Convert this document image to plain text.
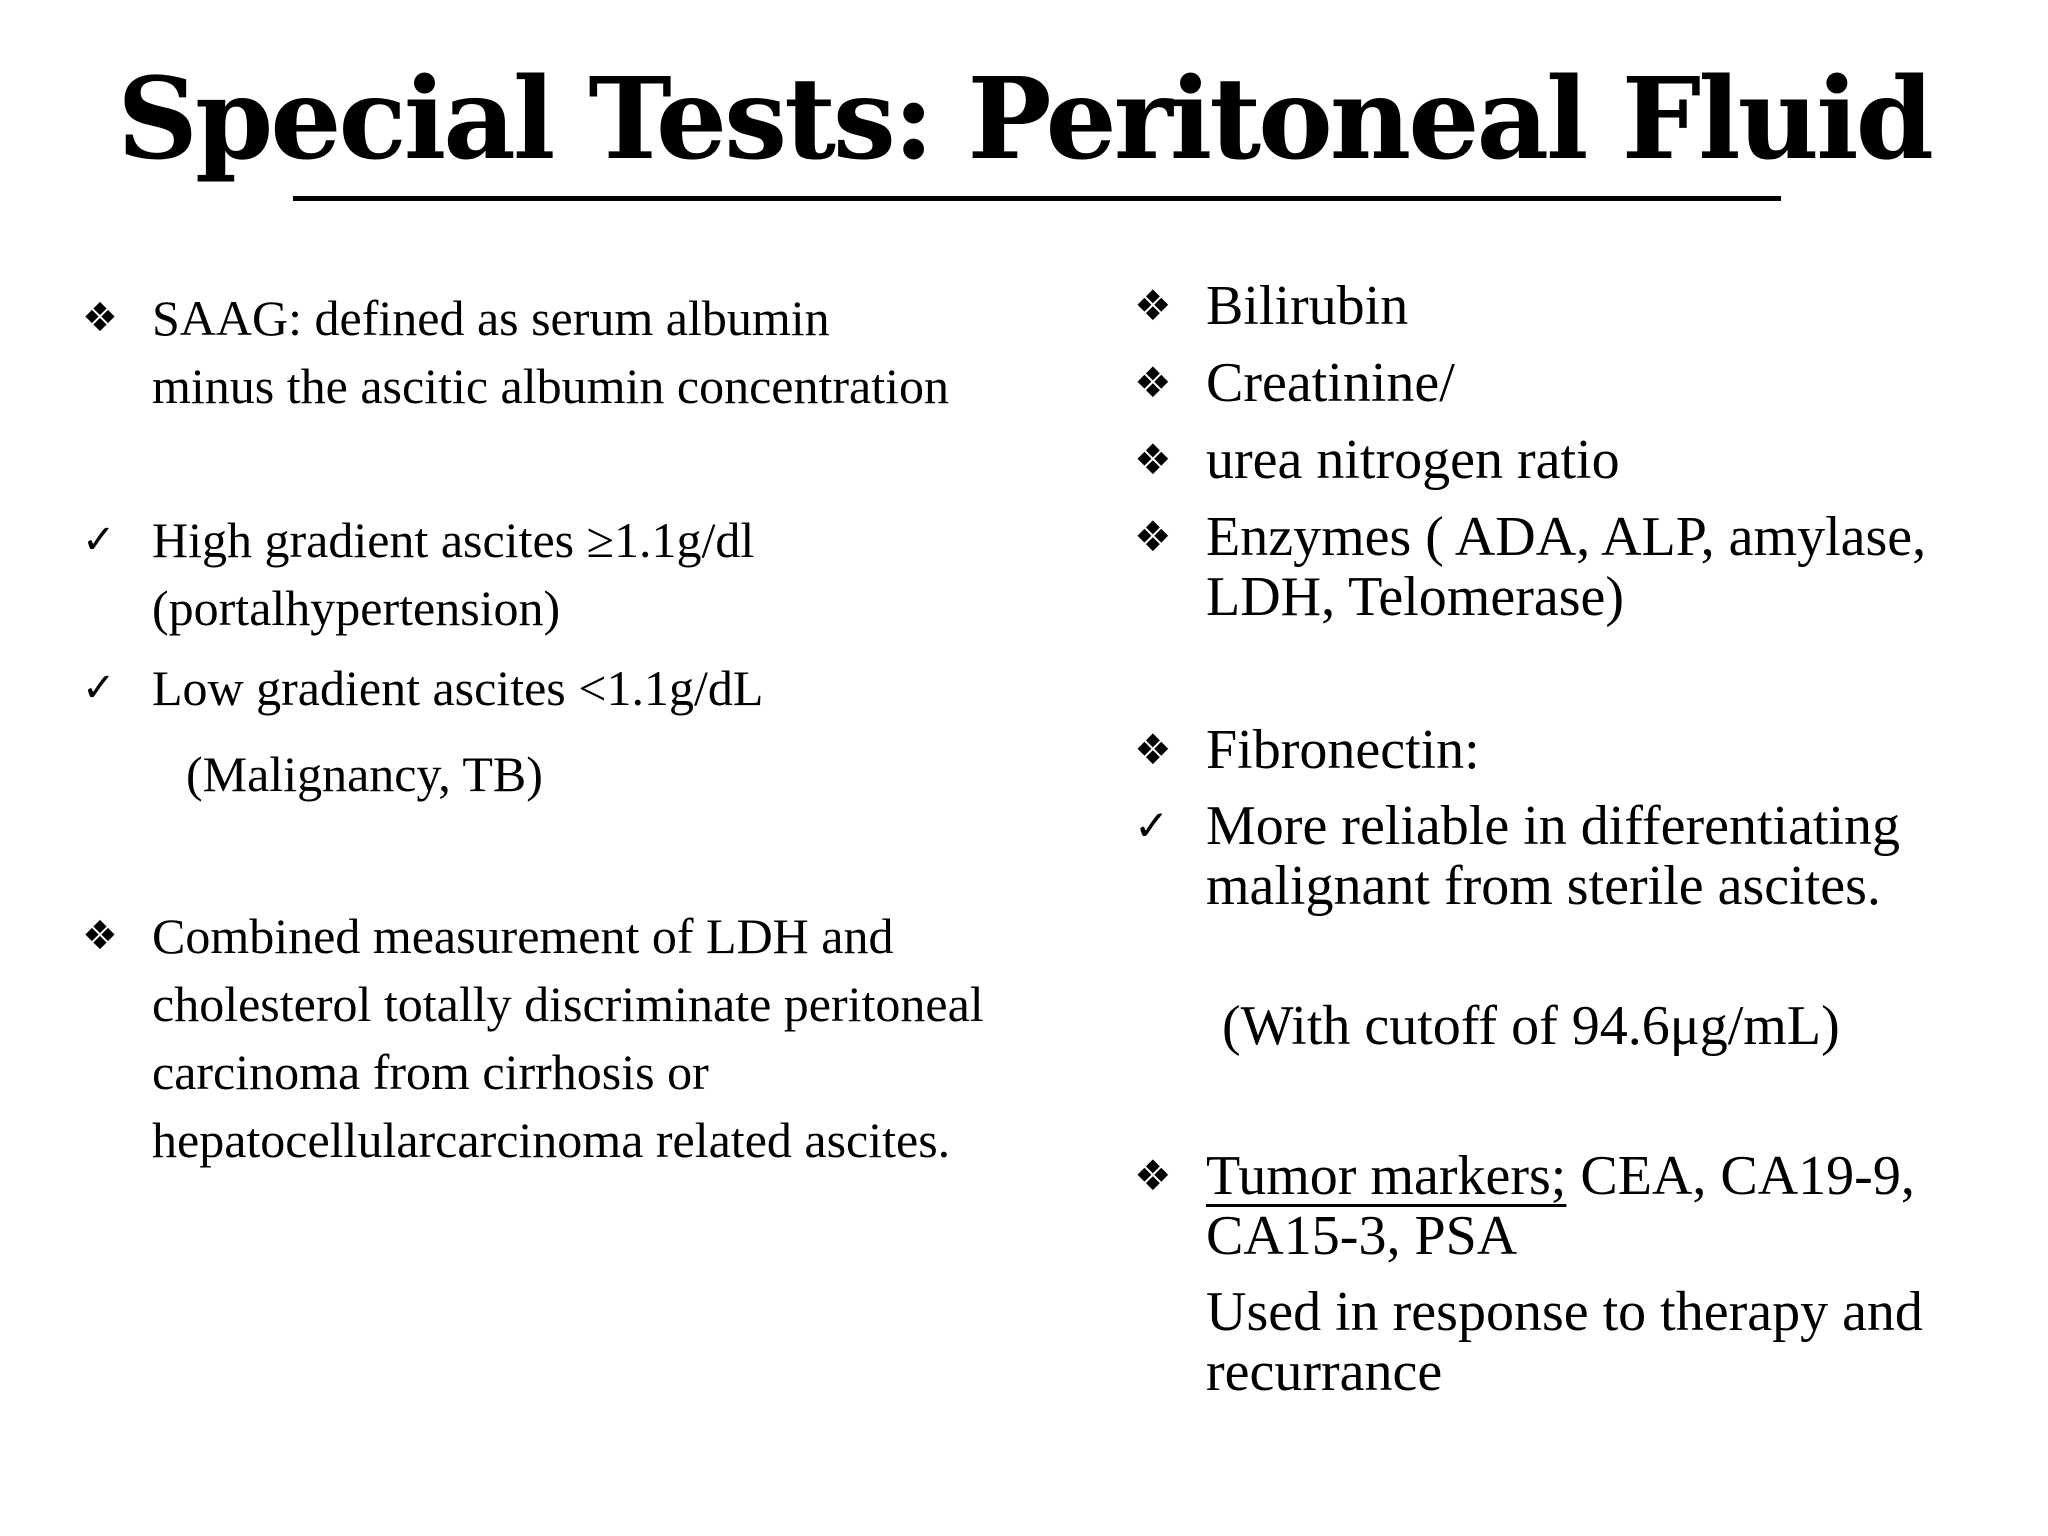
Special Tests: Peritoneal Fluid
❖ SAAG: defined as serum albumin minus the ascitic albumin concentration
✓ High gradient ascites ≥1.1g/dl (portalhypertension)
✓ Low gradient ascites <1.1g/dL
(Malignancy, TB)
❖ Combined measurement of LDH and cholesterol totally discriminate peritoneal carcinoma from cirrhosis or hepatocellularcarcinoma related ascites.
❖ Bilirubin
❖ Creatinine/
❖ urea nitrogen ratio
❖ Enzymes ( ADA, ALP, amylase, LDH, Telomerase)
❖ Fibronectin:
✓ More reliable in differentiating malignant from sterile ascites.
(With cutoff of 94.6μg/mL)
❖ Tumor markers; CEA, CA19-9, CA15-3, PSA
Used in response to therapy and recurrance
